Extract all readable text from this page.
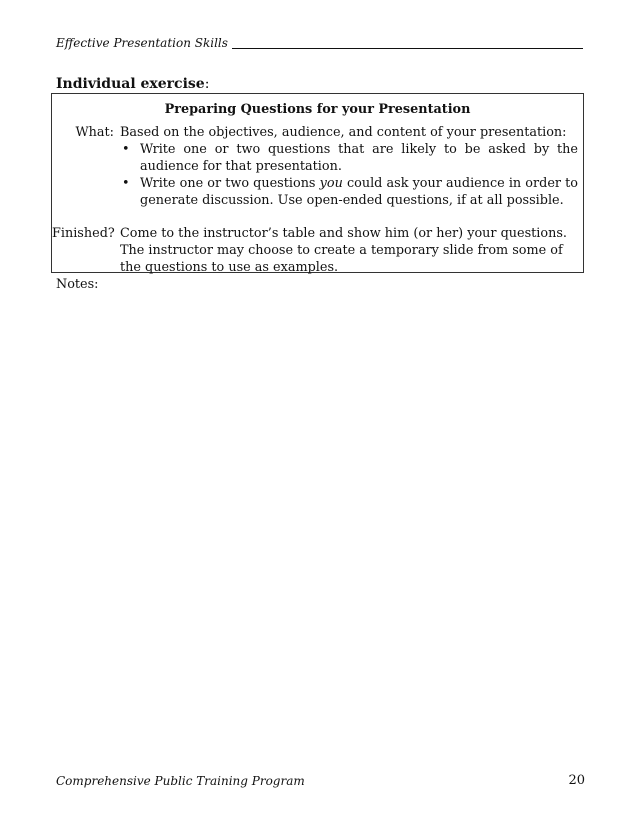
Effective Presentation Skills
Individual exercise:
Preparing Questions for your Presentation
What: Based on the objectives, audience, and content of your presentation:
• Write one or two questions that are likely to be asked by the audience for that presentation.
• Write one or two questions you could ask your audience in order to generate discussion. Use open-ended questions, if at all possible.
Finished? Come to the instructor’s table and show him (or her) your questions. The instructor may choose to create a temporary slide from some of the questions to use as examples.
Notes:
Comprehensive Public Training Program	20
